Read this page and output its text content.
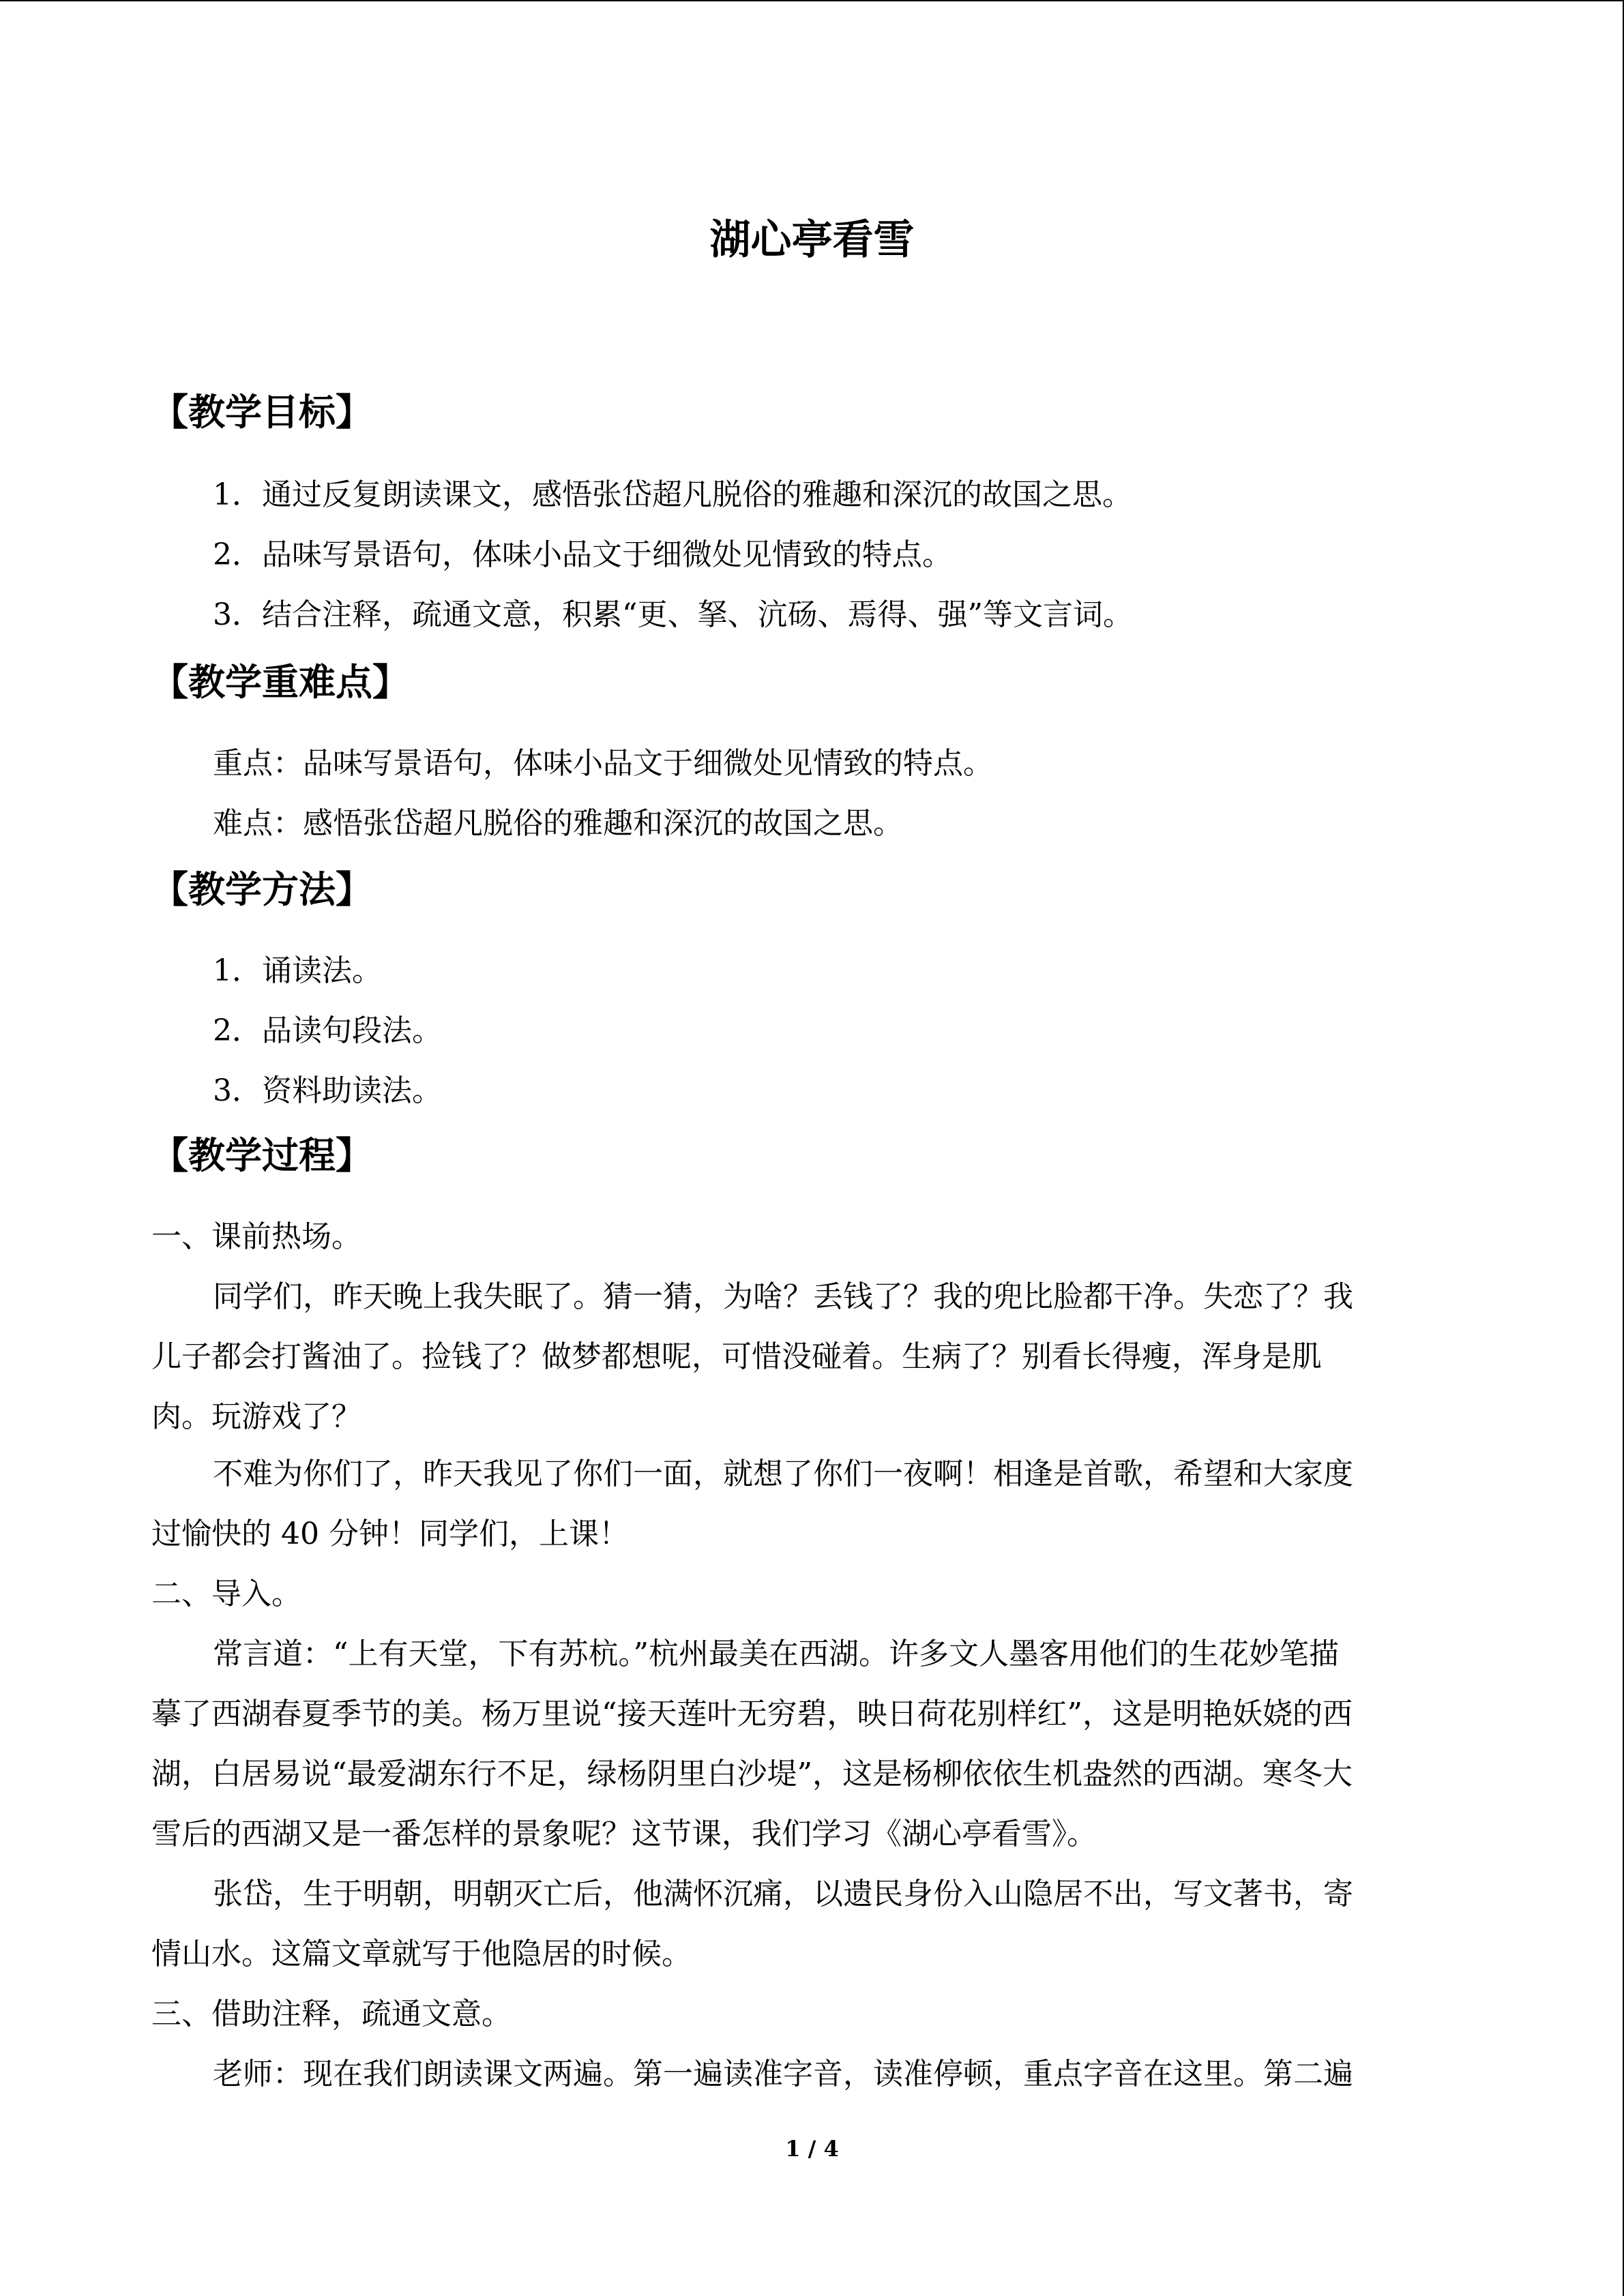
湖心亭看雪
【教学目标】
1．通过反复朗读课文，感悟张岱超凡脱俗的雅趣和深沉的故国之思。
2．品味写景语句，体味小品文于细微处见情致的特点。
3．结合注释，疏通文意，积累“更、拏、沆砀、焉得、强”等文言词。
【教学重难点】
重点：品味写景语句，体味小品文于细微处见情致的特点。
难点：感悟张岱超凡脱俗的雅趣和深沉的故国之思。
【教学方法】
1．诵读法。
2．品读句段法。
3．资料助读法。
【教学过程】
一、课前热场。
同学们，昨天晚上我失眠了。猜一猜，为啥？丢钱了？我的兜比脸都干净。失恋了？我
儿子都会打酱油了。捡钱了？做梦都想呢，可惜没碰着。生病了？别看长得瘦，浑身是肌
肉。玩游戏了？
不难为你们了，昨天我见了你们一面，就想了你们一夜啊！相逢是首歌，希望和大家度
过愉快的 40 分钟！同学们，上课！
二、导入。
常言道：“上有天堂，下有苏杭。”杭州最美在西湖。许多文人墨客用他们的生花妙笔描
摹了西湖春夏季节的美。杨万里说“接天莲叶无穷碧，映日荷花别样红”，这是明艳妖娆的西
湖，白居易说“最爱湖东行不足，绿杨阴里白沙堤”，这是杨柳依依生机盎然的西湖。寒冬大
雪后的西湖又是一番怎样的景象呢？这节课，我们学习《湖心亭看雪》。
张岱，生于明朝，明朝灭亡后，他满怀沉痛，以遗民身份入山隐居不出，写文著书，寄
情山水。这篇文章就写于他隐居的时候。
三、借助注释，疏通文意。
老师：现在我们朗读课文两遍。第一遍读准字音，读准停顿，重点字音在这里。第二遍
1 / 4
